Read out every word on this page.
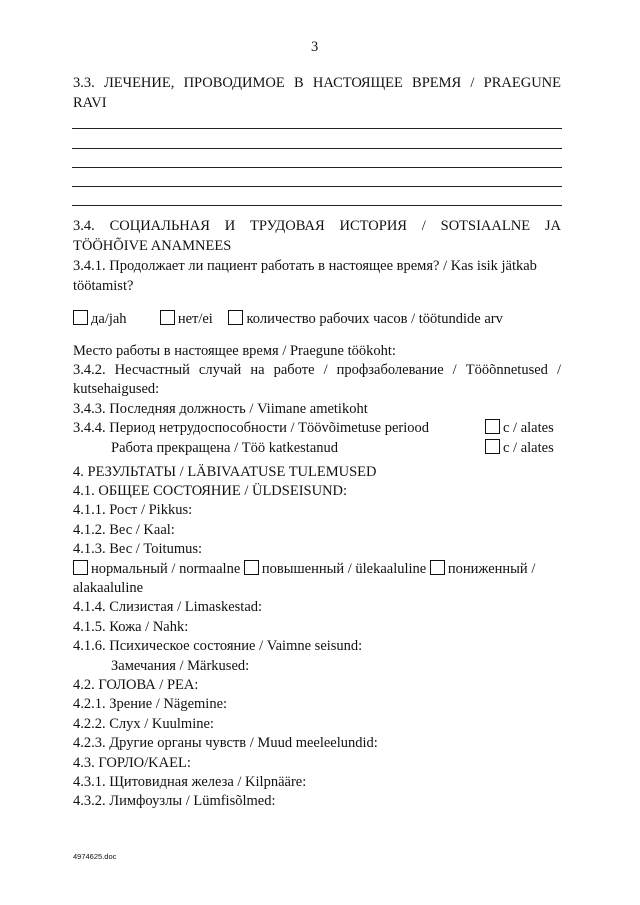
3
3.3. ЛЕЧЕНИЕ, ПРОВОДИМОЕ В НАСТОЯЩЕЕ ВРЕМЯ / PRAEGUNE
RAVI
3.4. СОЦИАЛЬНАЯ И ТРУДОВАЯ ИСТОРИЯ / SOTSIAALNE JA
TÖÖHÕIVE ANAMNEES
3.4.1. Продолжает ли пациент работать в настоящее время? / Kas isik jätkab
töötamist?
да/jah	нет/ei количество рабочих часов / töötundide arv
Место работы в настоящее время / Praegune töökoht:
3.4.2. Несчастный случай на работе / профзаболевание / Tööõnnetused /
kutsehaigused:
3.4.3. Последняя должность / Viimane ametikoht
3.4.4. Период нетрудоспособности / Töövõimetuse periood	c / alates
Работа прекращена / Töö katkestanud	c / alates
4. РЕЗУЛЬТАТЫ / LÄBIVAATUSE TULEMUSED
4.1. ОБЩЕЕ СОСТОЯНИЕ / ÜLDSEISUND:
4.1.1. Рост / Pikkus:
4.1.2. Вес / Kaal:
4.1.3. Вес / Toitumus:
нормальный / normaalne повышенный / ülekaaluline пониженный /
alakaaluline
4.1.4. Слизистая / Limaskestad:
4.1.5. Кожа / Nahk:
4.1.6. Психическое состояние / Vaimne seisund:
Замечания / Märkused:
4.2. ГОЛОВА / PEA:
4.2.1. Зрение / Nägemine:
4.2.2. Слух / Kuulmine:
4.2.3. Другие органы чувств / Muud meeleelundid:
4.3. ГОРЛО/KAEL:
4.3.1. Щитовидная железа / Kilpnääre:
4.3.2. Лимфоузлы / Lümfisõlmed:
4974625.doc
